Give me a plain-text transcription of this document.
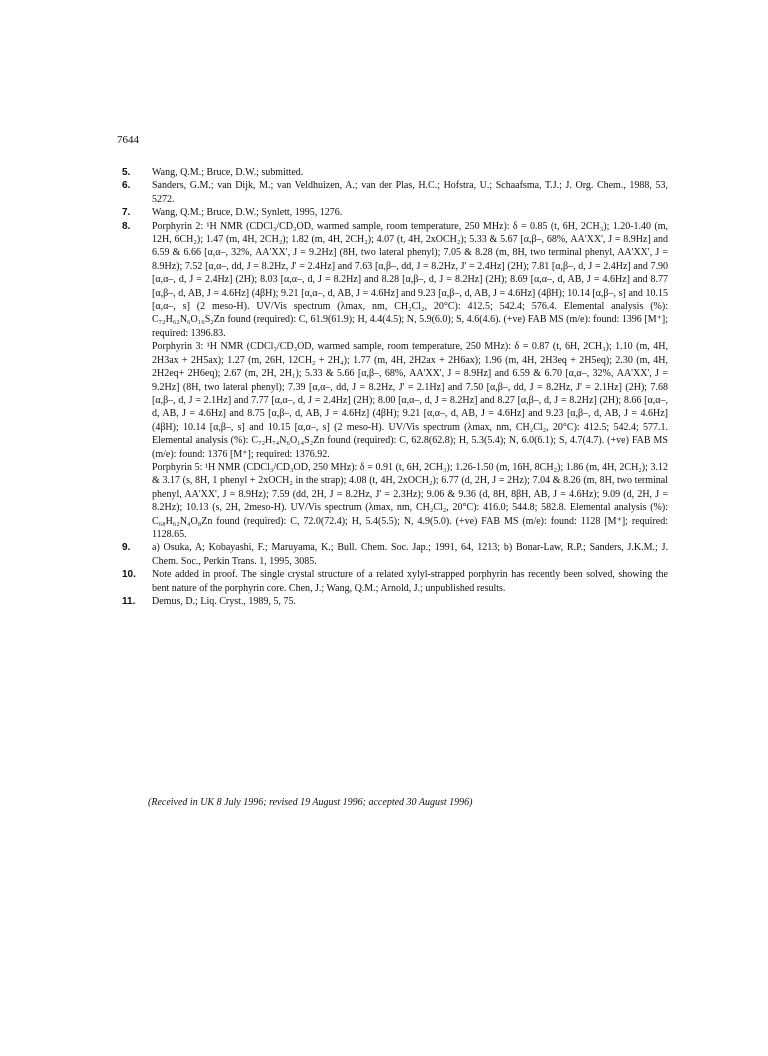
7644
5. Wang, Q.M.; Bruce, D.W.; submitted.
6. Sanders, G.M.; van Dijk, M.; van Veldhuizen, A.; van der Plas, H.C.; Hofstra, U.; Schaafsma, T.J.; J. Org. Chem., 1988, 53, 5272.
7. Wang, Q.M.; Bruce, D.W.; Synlett, 1995, 1276.
8. Porphyrin 2: ¹H NMR (CDCl₃/CD₃OD, warmed sample, room temperature, 250 MHz): δ = 0.85 (t, 6H, 2CH₃); 1.20-1.40 (m, 12H, 6CH₂); 1.47 (m, 4H, 2CH₂); 1.82 (m, 4H, 2CH₂); 4.07 (t, 4H, 2xOCH₂); 5.33 & 5.67 [α,β–, 68%, AA'XX', J = 8.9Hz] and 6.59 & 6.66 [α,α–, 32%, AA'XX', J = 9.2Hz] (8H, two lateral phenyl); 7.05 & 8.28 (m, 8H, two terminal phenyl, AA'XX', J = 8.9Hz); 7.52 [α,α–, dd, J = 8.2Hz, J' = 2.4Hz] and 7.63 [α,β–, dd, J = 8.2Hz, J' = 2.4Hz] (2H); 7.81 [α,β–, d, J = 2.4Hz] and 7.90 [α,α–, d, J = 2.4Hz] (2H); 8.03 [α,α–, d, J = 8.2Hz] and 8.28 [α,β–, d, J = 8.2Hz] (2H); 8.69 [α,α–, d, AB, J = 4.6Hz] and 8.77 [α,β–, d, AB, J = 4.6Hz] (4βH); 9.21 [α,α–, d, AB, J = 4.6Hz] and 9.23 [α,β–, d, AB, J = 4.6Hz] (4βH); 10.14 [α,β–, s] and 10.15 [α,α–, s] (2 meso-H). UV/Vis spectrum (λmax, nm, CH₂Cl₂, 20°C): 412.5; 542.4; 576.4. Elemental analysis (%): C₇₂H₆₂N₆O₁₆S₂Zn found (required): C, 61.9(61.9); H, 4.4(4.5); N, 5.9(6.0); S, 4.6(4.6). (+ve) FAB MS (m/e): found: 1396 [M⁺]; required: 1396.83.
Porphyrin 3: ¹H NMR (CDCl₃/CD₃OD, warmed sample, room temperature, 250 MHz): δ = 0.87 (t, 6H, 2CH₃); 1.10 (m, 4H, 2H3ax + 2H5ax); 1.27 (m, 26H, 12CH₂ + 2H₄); 1.77 (m, 4H, 2H2ax + 2H6ax); 1.96 (m, 4H, 2H3eq + 2H5eq); 2.30 (m, 4H, 2H2eq+ 2H6eq); 2.67 (m, 2H, 2H₁); 5.33 & 5.66 [α,β–, 68%, AA'XX', J = 8.9Hz] and 6.59 & 6.70 [α,α–, 32%, AA'XX', J = 9.2Hz] (8H, two lateral phenyl); 7.39 [α,α–, dd, J = 8.2Hz, J' = 2.1Hz] and 7.50 [α,β–, dd, J = 8.2Hz, J' = 2.1Hz] (2H); 7.68 [α,β–, d, J = 2.1Hz] and 7.77 [α,α–, d, J = 2.4Hz] (2H); 8.00 [α,α–, d, J = 8.2Hz] and 8.27 [α,β–, d, J = 8.2Hz] (2H); 8.66 [α,α–, d, AB, J = 4.6Hz] and 8.75 [α,β–, d, AB, J = 4.6Hz] (4βH); 9.21 [α,α–, d, AB, J = 4.6Hz] and 9.23 [α,β–, d, AB, J = 4.6Hz] (4βH); 10.14 [α,β–, s] and 10.15 [α,α–, s] (2 meso-H). UV/Vis spectrum (λmax, nm, CH₂Cl₂, 20°C): 412.5; 542.4; 577.1. Elemental analysis (%): C₇₂H₇₄N₆O₁₄S₂Zn found (required): C, 62.8(62.8); H, 5.3(5.4); N, 6.0(6.1); S, 4.7(4.7). (+ve) FAB MS (m/e): found: 1376 [M⁺]; required: 1376.92.
Porphyrin 5: ¹H NMR (CDCl₃/CD₃OD, 250 MHz): δ = 0.91 (t, 6H, 2CH₃); 1.26-1.50 (m, 16H, 8CH₂); 1.86 (m, 4H, 2CH₂); 3.12 & 3.17 (s, 8H, 1 phenyl + 2xOCH₂ in the strap); 4.08 (t, 4H, 2xOCH₂); 6.77 (d, 2H, J = 2Hz); 7.04 & 8.26 (m, 8H, two terminal phenyl, AA'XX', J = 8.9Hz); 7.59 (dd, 2H, J = 8.2Hz, J' = 2.3Hz); 9.06 & 9.36 (d, 8H, 8βH, AB, J = 4.6Hz); 9.09 (d, 2H, J = 8.2Hz); 10.13 (s, 2H, 2meso-H). UV/Vis spectrum (λmax, nm, CH₂Cl₂, 20°C): 416.0; 544.8; 582.8. Elemental analysis (%): C₆₈H₆₂N₄O₈Zn found (required): C, 72.0(72.4); H, 5.4(5.5); N, 4.9(5.0). (+ve) FAB MS (m/e): found: 1128 [M⁺]; required: 1128.65.
9. a) Osuka, A; Kobayashi, F.; Maruyama, K.; Bull. Chem. Soc. Jap.; 1991, 64, 1213; b) Bonar-Law, R.P.; Sanders, J.K.M.; J. Chem. Soc., Perkin Trans. 1, 1995, 3085.
10. Note added in proof. The single crystal structure of a related xylyl-strapped porphyrin has recently been solved, showing the bent nature of the porphyrin core. Chen, J.; Wang, Q.M.; Arnold, J.; unpublished results.
11. Demus, D.; Liq. Cryst., 1989, 5, 75.
(Received in UK 8 July 1996; revised 19 August 1996; accepted 30 August 1996)
